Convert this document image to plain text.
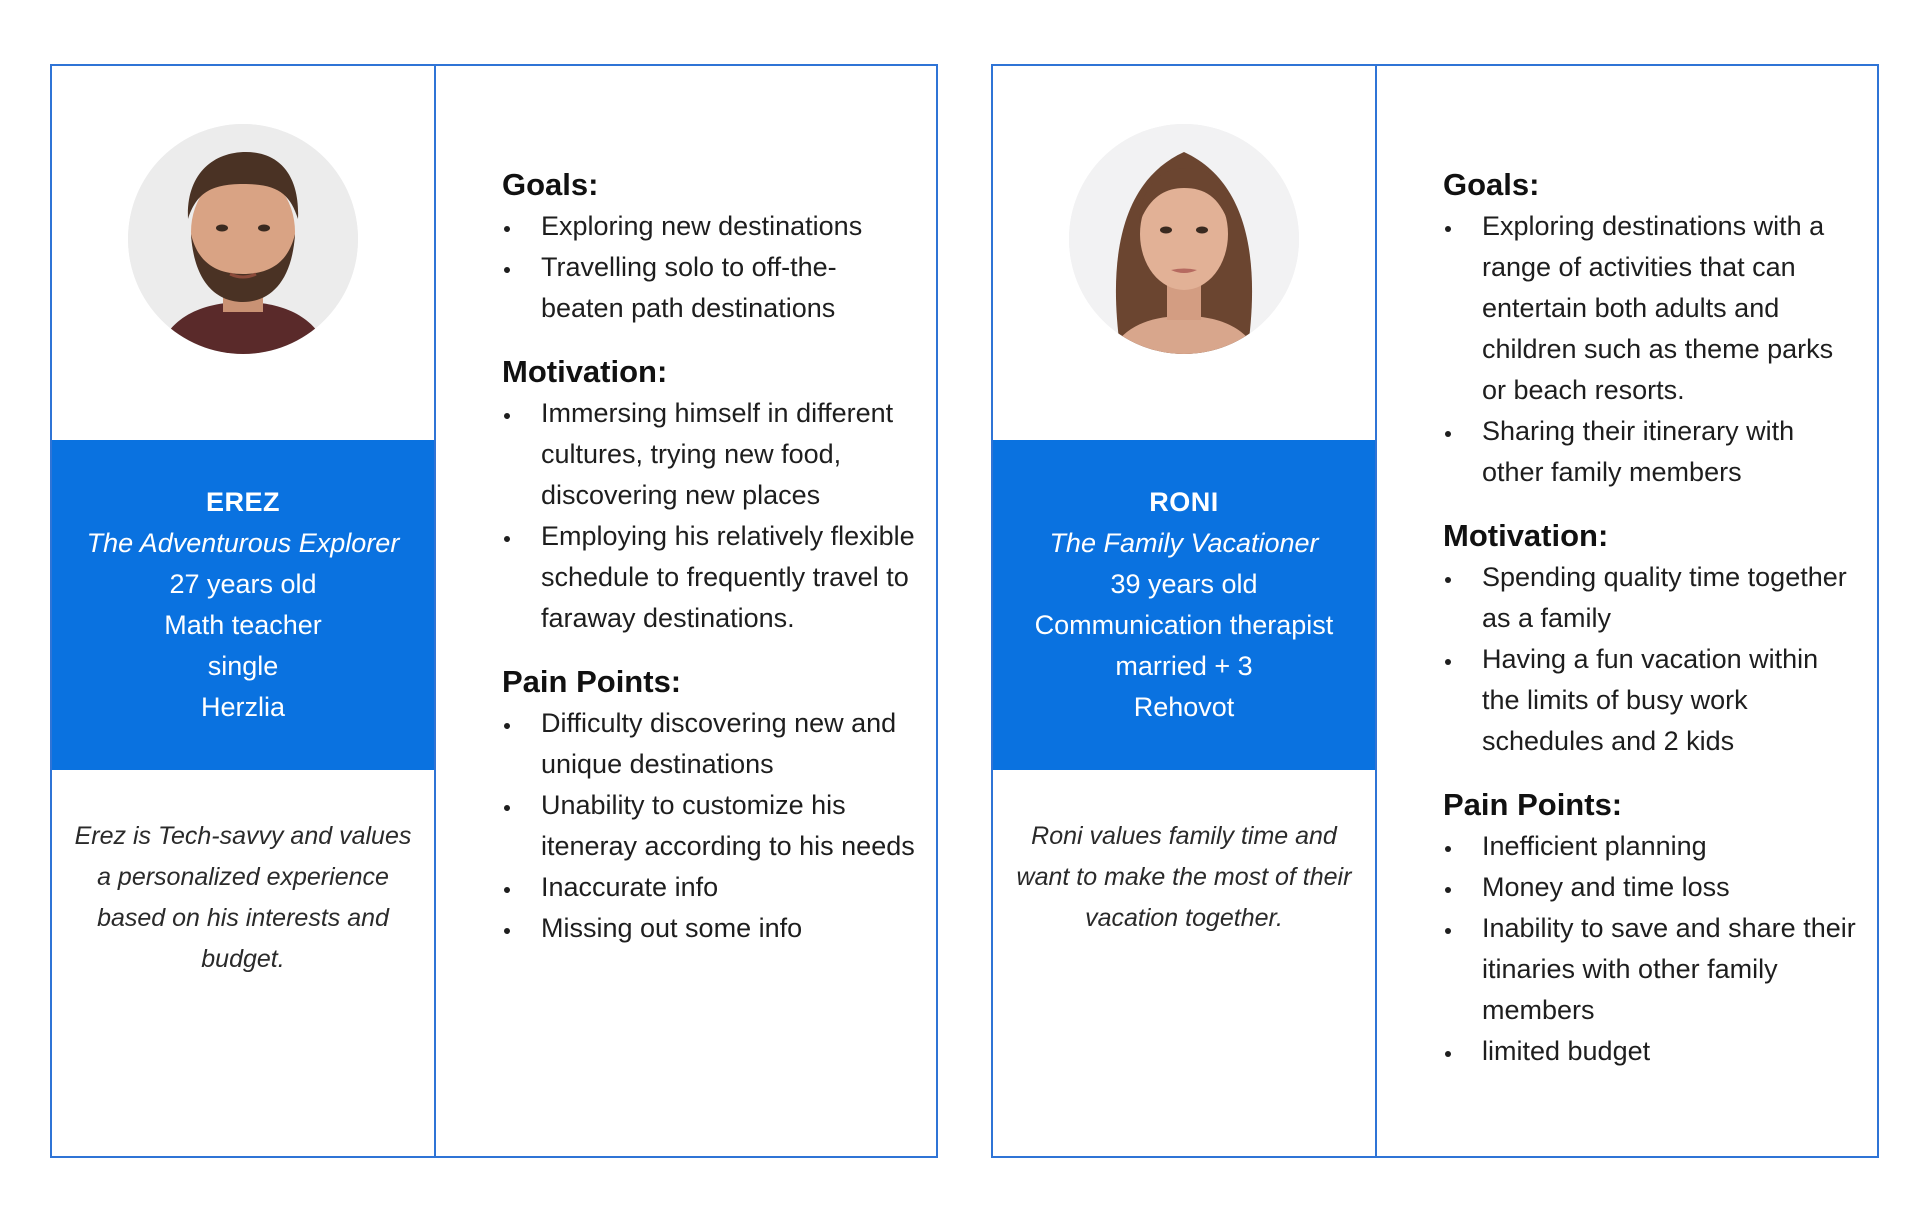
EREZ
The Adventurous Explorer
27 years old
Math teacher
single
Herzlia
Erez is Tech-savvy and values a personalized experience based on his interests and budget.
Goals:
Exploring new destinations
Travelling solo to off-the-beaten path destinations
Motivation:
Immersing himself in different cultures, trying new food, discovering new places
Employing his relatively flexible schedule to frequently travel to faraway destinations.
Pain Points:
Difficulty discovering new and unique destinations
Unability to customize his iteneray according to his needs
Inaccurate info
Missing out some info
RONI
The Family Vacationer
39 years old
Communication therapist
married + 3
Rehovot
Roni values family time and want to make the most of their vacation together.
Goals:
Exploring destinations with a range of activities that can entertain both adults and children such as theme parks or beach resorts.
Sharing their itinerary with other family members
Motivation:
Spending quality time together as a family
Having a fun vacation within the limits of busy work schedules and 2 kids
Pain Points:
Inefficient planning
Money and time loss
Inability to save and share their itinaries with other family members
limited budget
